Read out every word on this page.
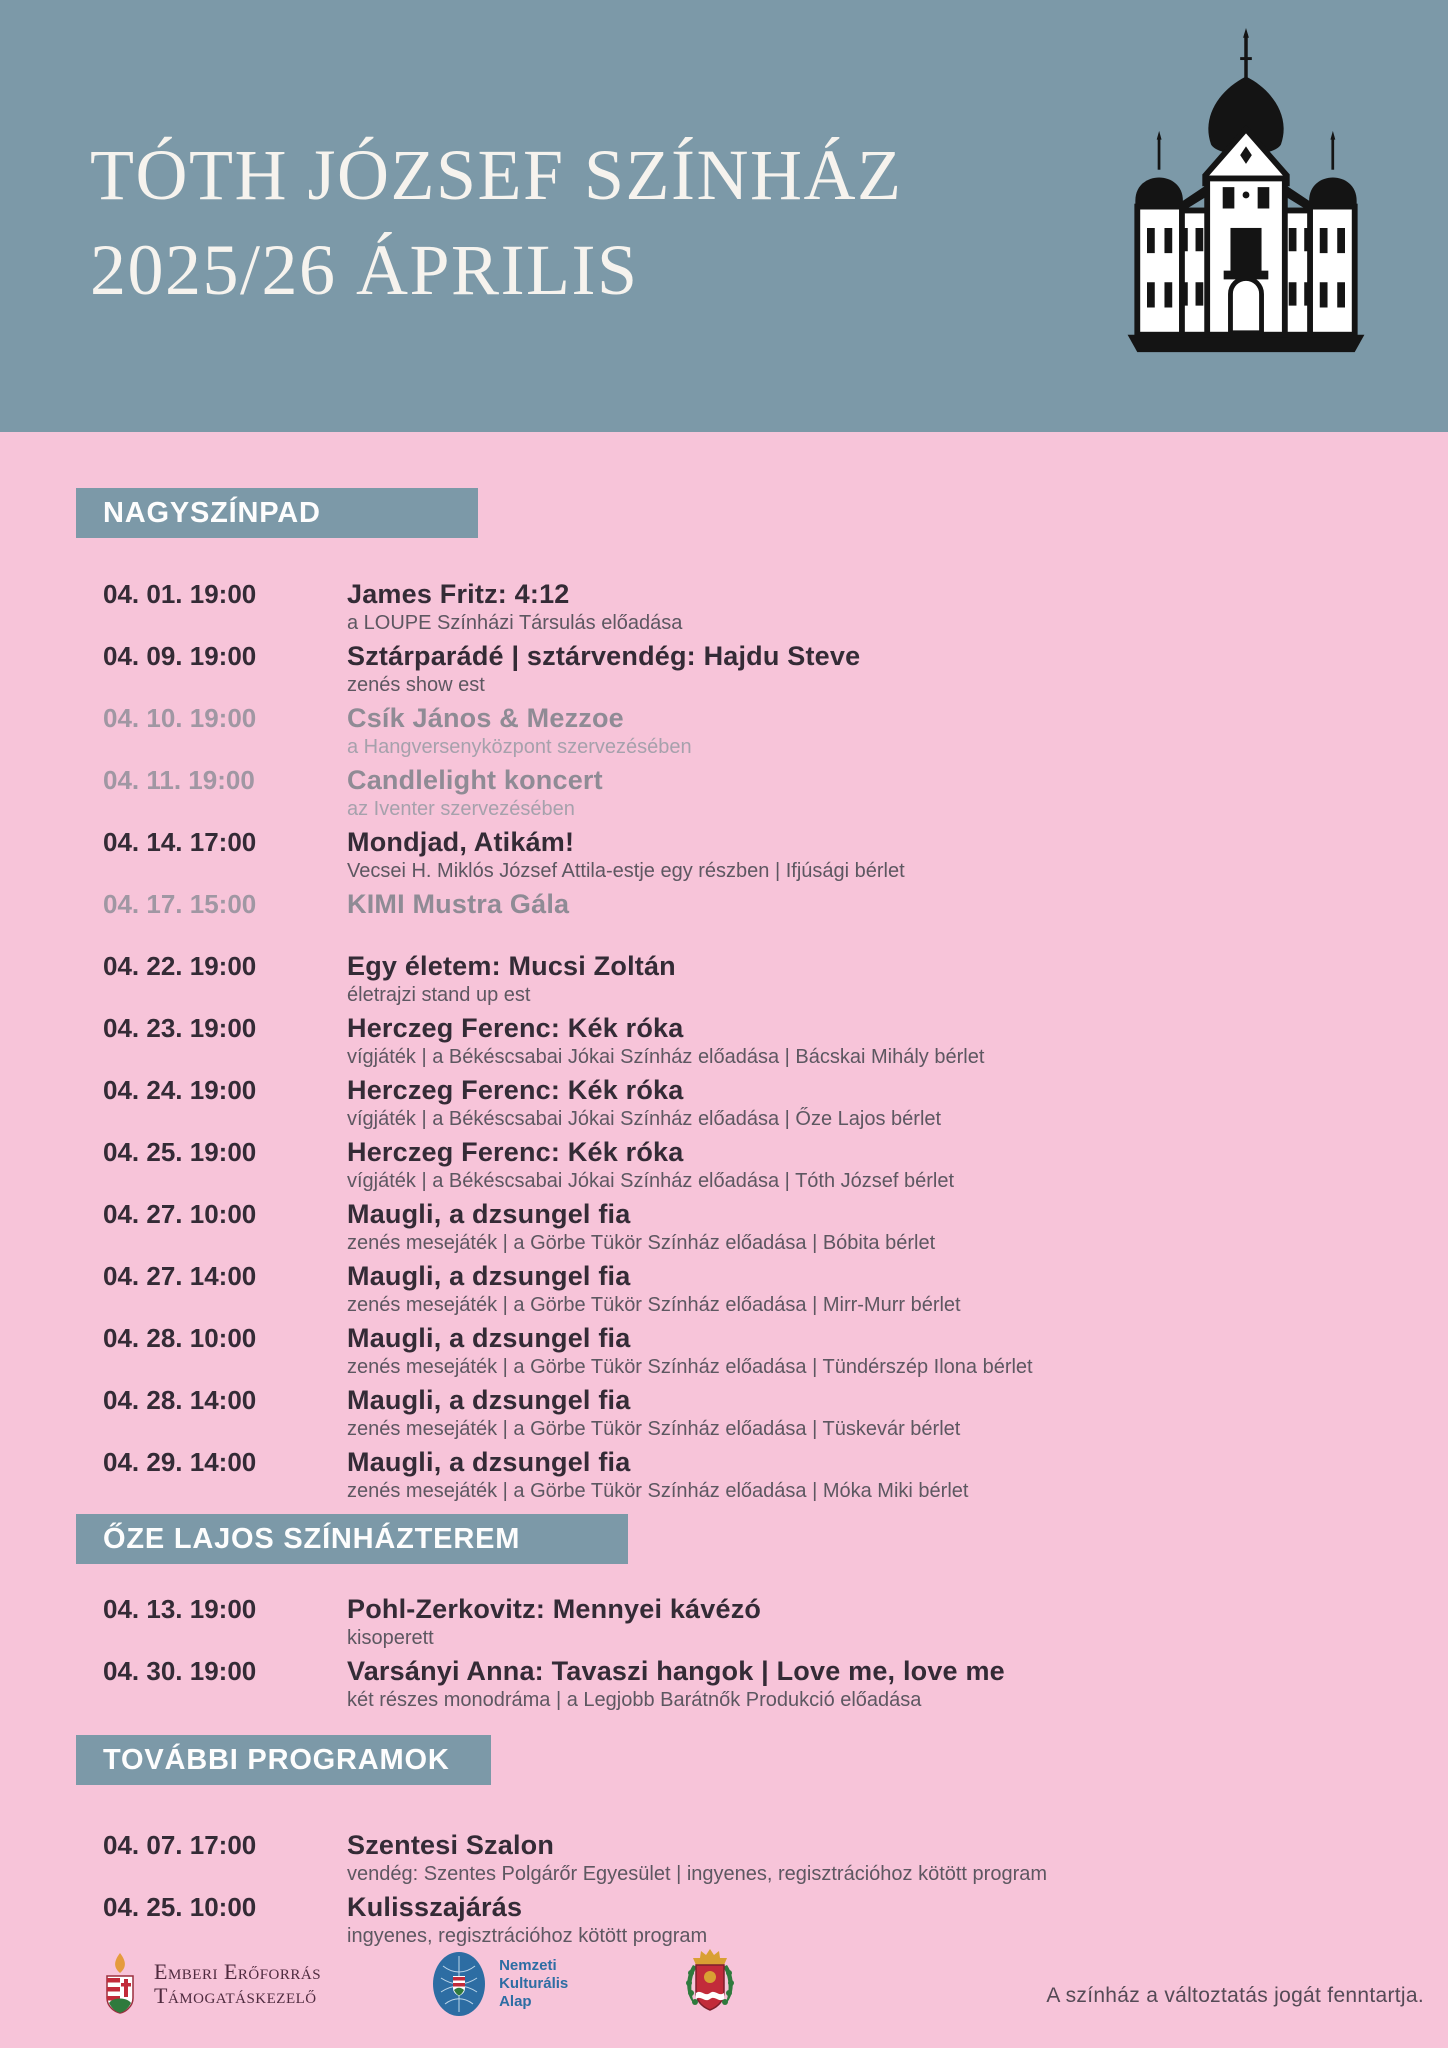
TÓTH JÓZSEF SZÍNHÁZ
2025/26 ÁPRILIS
NAGYSZÍNPAD
04. 01. 19:00	James Fritz: 4:12
a LOUPE Színházi Társulás előadása
04. 09. 19:00	Sztárparádé | sztárvendég: Hajdu Steve
zenés show est
04. 10. 19:00	Csík János & Mezzoe
a Hangversenyközpont szervezésében
04. 11. 19:00	Candlelight koncert
az Iventer szervezésében
04. 14. 17:00	Mondjad, Atikám!
Vecsei H. Miklós József Attila-estje egy részben | Ifjúsági bérlet
04. 17. 15:00	KIMI Mustra Gála
04. 22. 19:00	Egy életem: Mucsi Zoltán
életrajzi stand up est
04. 23. 19:00	Herczeg Ferenc: Kék róka
vígjáték | a Békéscsabai Jókai Színház előadása | Bácskai Mihály bérlet
04. 24. 19:00	Herczeg Ferenc: Kék róka
vígjáték | a Békéscsabai Jókai Színház előadása | Őze Lajos bérlet
04. 25. 19:00	Herczeg Ferenc: Kék róka
vígjáték | a Békéscsabai Jókai Színház előadása | Tóth József bérlet
04. 27. 10:00	Maugli, a dzsungel fia
zenés mesejáték | a Görbe Tükör Színház előadása | Bóbita bérlet
04. 27. 14:00	Maugli, a dzsungel fia
zenés mesejáték | a Görbe Tükör Színház előadása | Mirr-Murr bérlet
04. 28. 10:00	Maugli, a dzsungel fia
zenés mesejáték | a Görbe Tükör Színház előadása | Tündérszép Ilona bérlet
04. 28. 14:00	Maugli, a dzsungel fia
zenés mesejáték | a Görbe Tükör Színház előadása | Tüskevár bérlet
04. 29. 14:00	Maugli, a dzsungel fia
zenés mesejáték | a Görbe Tükör Színház előadása | Móka Miki bérlet
ŐZE LAJOS SZÍNHÁZTEREM
04. 13. 19:00	Pohl-Zerkovitz: Mennyei kávézó
kisoperett
04. 30. 19:00	Varsányi Anna: Tavaszi hangok | Love me, love me
két részes monodráma | a Legjobb Barátnők Produkció előadása
TOVÁBBI PROGRAMOK
04. 07. 17:00	Szentesi Szalon
vendég: Szentes Polgárőr Egyesület | ingyenes, regisztrációhoz kötött program
04. 25. 10:00	Kulisszajárás
ingyenes, regisztrációhoz kötött program
Emberi Erőforrás
Támogatáskezelő
Nemzeti
Kulturális
Alap	A színház a változtatás jogát fenntartja.
